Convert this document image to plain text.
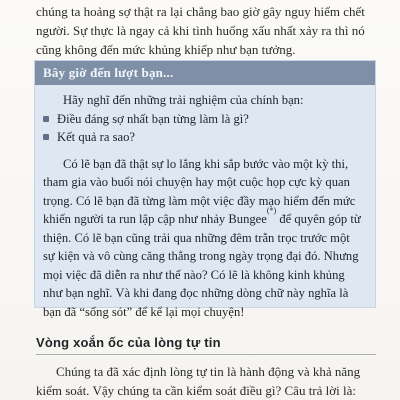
chúng ta hoảng sợ thật ra lại chẳng bao giờ gây nguy hiểm chết
người. Sự thực là ngay cả khi tình huống xấu nhất xảy ra thì nó
cũng không đến mức khủng khiếp như bạn tưởng.
Bây giờ đến lượt bạn...
Hãy nghĩ đến những trải nghiệm của chính bạn:
Điều đáng sợ nhất bạn từng làm là gì?
Kết quả ra sao?
Có lẽ bạn đã thật sự lo lắng khi sắp bước vào một kỳ thi,
tham gia vào buổi nói chuyện hay một cuộc họp cực kỳ quan
trọng. Có lẽ bạn đã từng làm một việc đầy mạo hiểm đến mức
khiến người ta run lập cập như nhảy Bungee(*) để quyên góp từ
thiện. Có lẽ bạn cũng trải qua những đêm trằn trọc trước một
sự kiện và vô cùng căng thẳng trong ngày trọng đại đó. Nhưng
mọi việc đã diễn ra như thế nào? Có lẽ là không kinh khủng
như bạn nghĩ. Và khi đang đọc những dòng chữ này nghĩa là
bạn đã “sống sót” để kể lại mọi chuyện!
Vòng xoắn ốc của lòng tự tin
Chúng ta đã xác định lòng tự tin là hành động và khả năng
kiểm soát. Vậy chúng ta cần kiểm soát điều gì? Câu trả lời là:
